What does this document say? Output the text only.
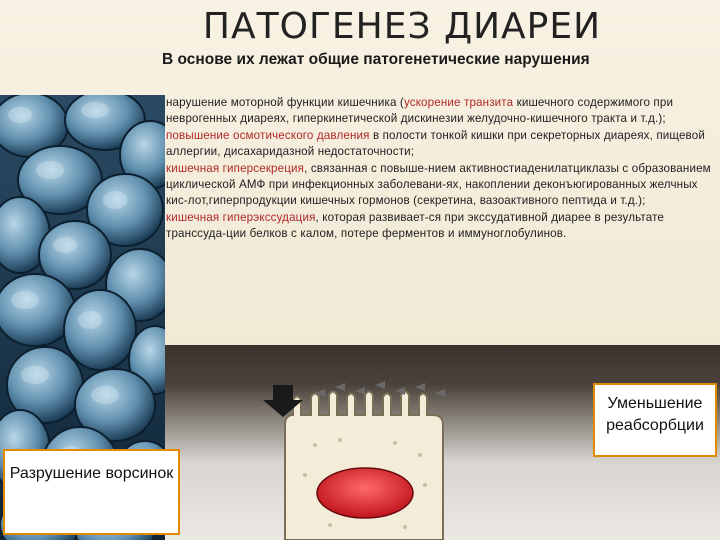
ПАТОГЕНЕЗ ДИАРЕИ
В основе их лежат общие патогенетические нарушения
нарушение моторной функции кишечника (ускорение транзита кишечного содержимого при неврогенных диареях, гиперкинетической дискинезии желудочно-кишечного тракта и т.д.);
повышение осмотического давления в полости тонкой кишки при секреторных диареях, пищевой аллергии, дисахаридазной недостаточности;
кишечная гиперсекреция, связанная с повыше-нием активностиаденилатциклазы с образованием циклической АМФ при инфекционных заболевани-ях, накоплении деконъюгированных желчных кис-лот,гиперпродукции кишечных гормонов (секретина, вазоактивного пептида и т.д.);
кишечная гиперэкссудация, которая развивает-ся при экссудативной диарее в результате транссуда-ции белков с калом, потере ферментов и иммуноглобулинов.
Уменьшение реабсорбции
Разрушение ворсинок
